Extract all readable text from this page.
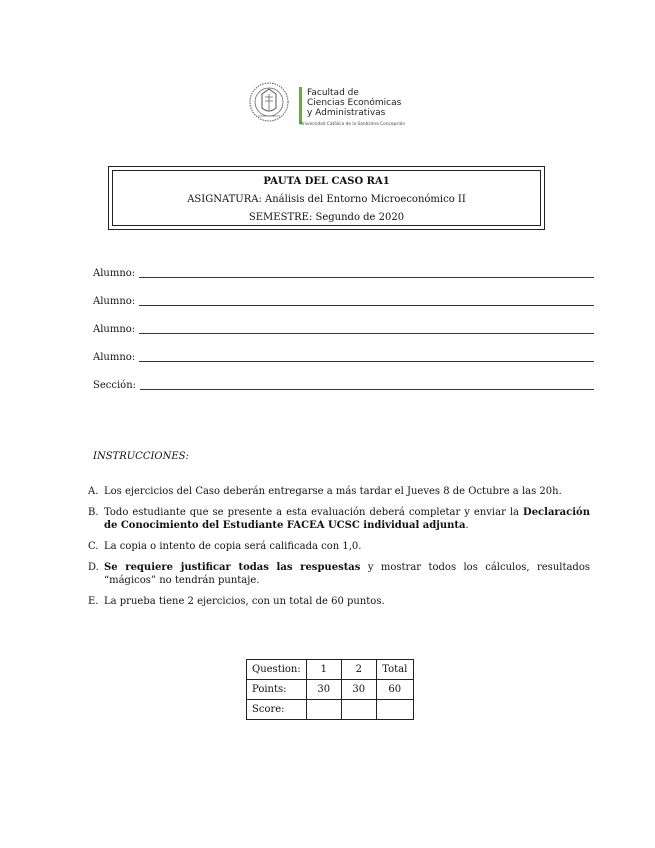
Facultad de
Ciencias Económicas
y Administrativas
Universidad Católica de la Santísima Concepción
PAUTA DEL CASO RA1
ASIGNATURA: Análisis del Entorno Microeconómico II
SEMESTRE: Segundo de 2020
Alumno:
Alumno:
Alumno:
Alumno:
Sección:
INSTRUCCIONES:
A. Los ejercicios del Caso deberán entregarse a más tardar el Jueves 8 de Octubre a las 20h.
B. Todo estudiante que se presente a esta evaluación deberá completar y enviar la Declaración de Conocimiento del Estudiante FACEA UCSC individual adjunta.
C. La copia o intento de copia será calificada con 1,0.
D. Se requiere justificar todas las respuestas y mostrar todos los cálculos, resultados “mágicos” no tendrán puntaje.
E. La prueba tiene 2 ejercicios, con un total de 60 puntos.
Question:	1	2	Total
Points:	30	30	60
Score:			
